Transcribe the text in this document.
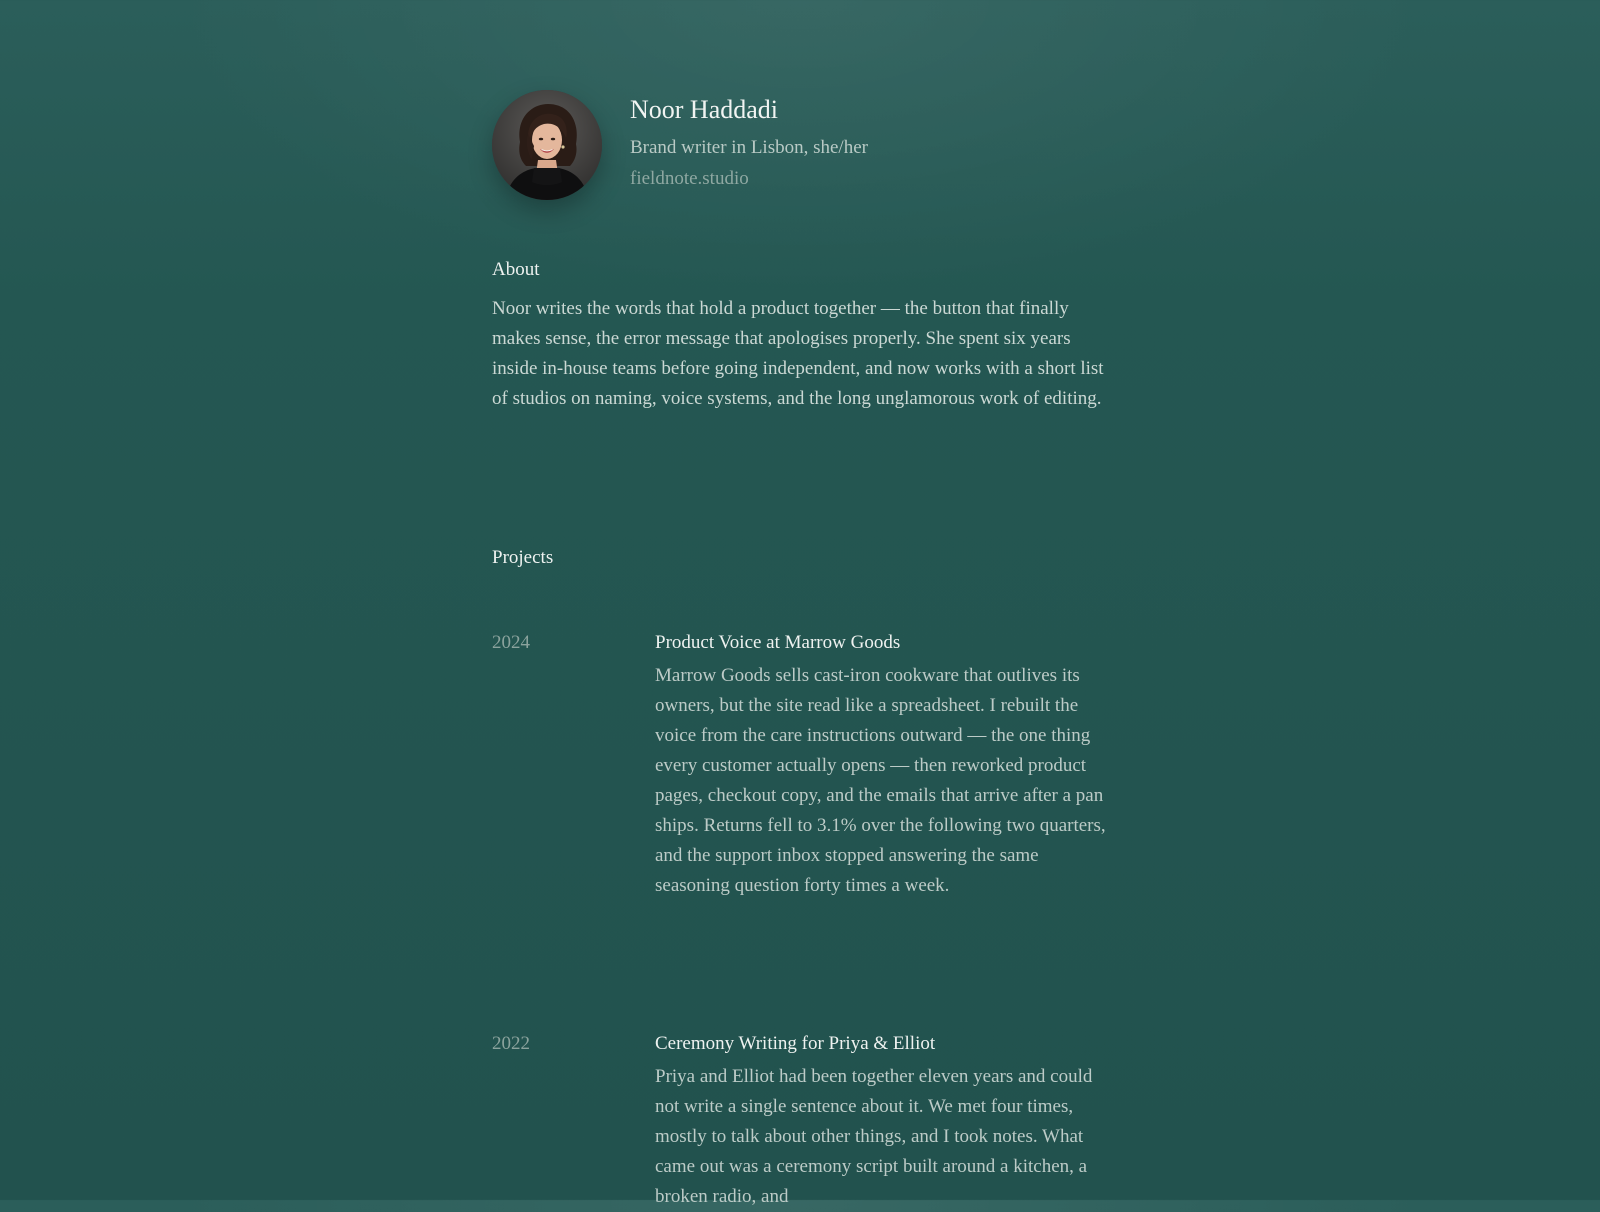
Noor Haddadi
Brand writer in Lisbon, she/her
fieldnote.studio
About

Noor writes the words that hold a product together — the button that finally makes sense, the error message that apologises properly. She spent six years inside in-house teams before going independent, and now works with a short list of studios on naming, voice systems, and the long unglamorous work of editing.

Projects
2024	Product Voice at Marrow Goods

Marrow Goods sells cast-iron cookware that outlives its owners, but the site read like a spreadsheet. I rebuilt the voice from the care instructions outward — the one thing every customer actually opens — then reworked product pages, checkout copy, and the emails that arrive after a pan ships. Returns fell to 3.1% over the following two quarters, and the support inbox stopped answering the same seasoning question forty times a week.

2022	Ceremony Writing for Priya & Elliot

Priya and Elliot had been together eleven years and could not write a single sentence about it. We met four times, mostly to talk about other things, and I took notes. What came out was a ceremony script built around a kitchen, a broken radio, and
